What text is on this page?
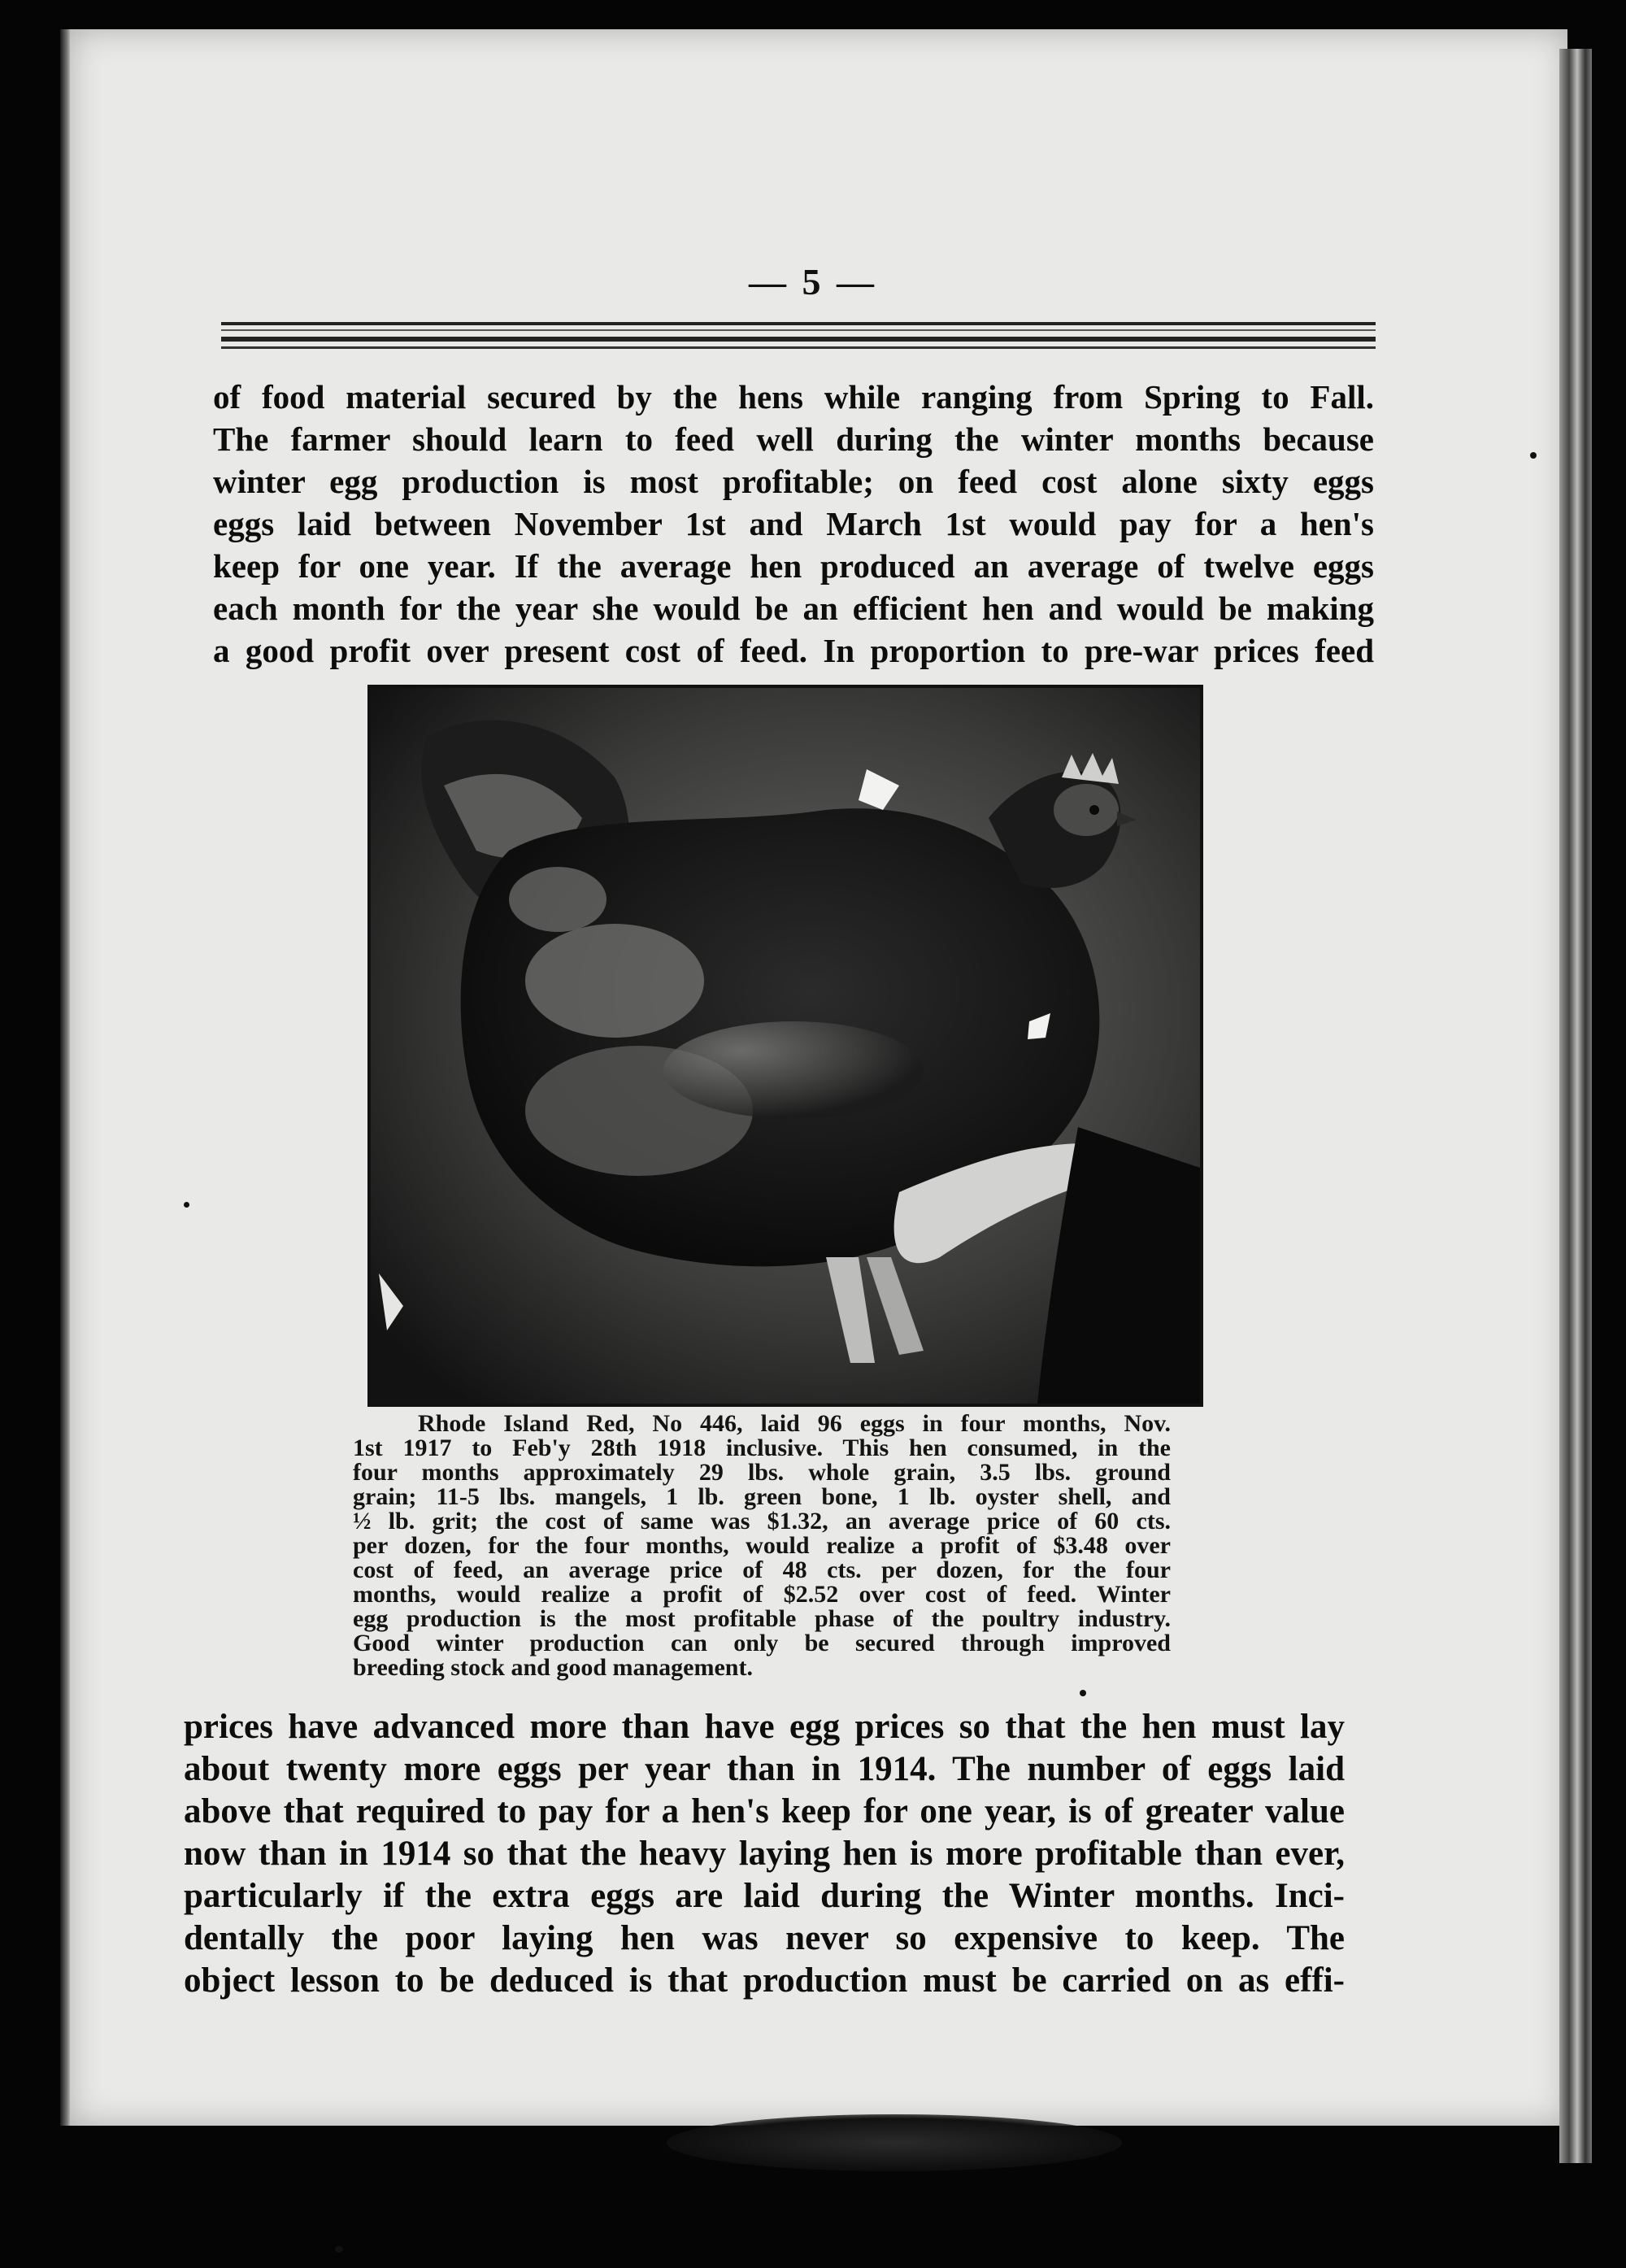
— 5 —
of food material secured by the hens while ranging from Spring to Fall.
The farmer should learn to feed well during the winter months because
winter egg production is most profitable; on feed cost alone sixty eggs
eggs laid between November 1st and March 1st would pay for a hen's
keep for one year. If the average hen produced an average of twelve eggs
each month for the year she would be an efficient hen and would be making
a good profit over present cost of feed. In proportion to pre-war prices feed
Rhode Island Red, No 446, laid 96 eggs in four months, Nov.
1st 1917 to Feb'y 28th 1918 inclusive. This hen consumed, in the
four months approximately 29 lbs. whole grain, 3.5 lbs. ground
grain; 11-5 lbs. mangels, 1 lb. green bone, 1 lb. oyster shell, and
½ lb. grit; the cost of same was $1.32, an average price of 60 cts.
per dozen, for the four months, would realize a profit of $3.48 over
cost of feed, an average price of 48 cts. per dozen, for the four
months, would realize a profit of $2.52 over cost of feed. Winter
egg production is the most profitable phase of the poultry industry.
Good winter production can only be secured through improved
breeding stock and good management.
prices have advanced more than have egg prices so that the hen must lay
about twenty more eggs per year than in 1914. The number of eggs laid
above that required to pay for a hen's keep for one year, is of greater value
now than in 1914 so that the heavy laying hen is more profitable than ever,
particularly if the extra eggs are laid during the Winter months. Inci-
dentally the poor laying hen was never so expensive to keep. The
object lesson to be deduced is that production must be carried on as effi-
